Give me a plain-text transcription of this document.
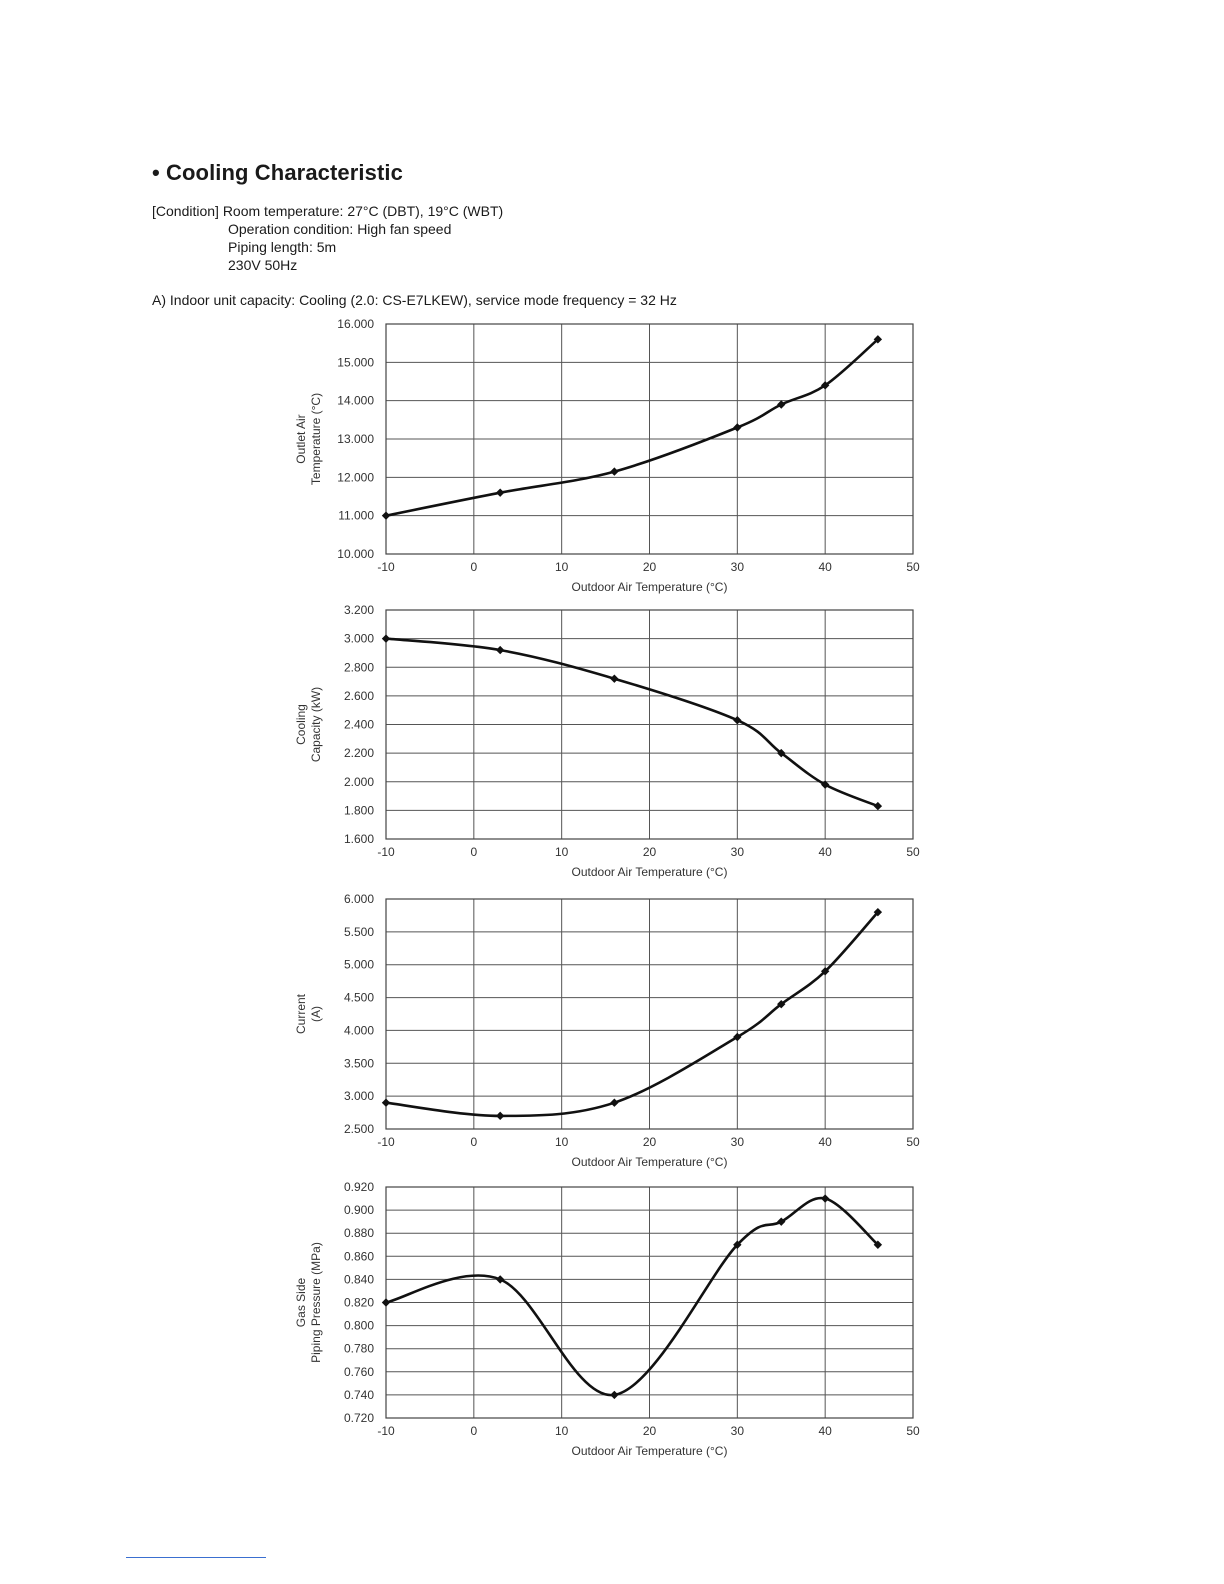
• Cooling Characteristic
[Condition] Room temperature: 27°C (DBT), 19°C (WBT)
Operation condition: High fan speed
Piping length: 5m
230V 50Hz
A) Indoor unit capacity: Cooling (2.0: CS-E7LKEW), service mode frequency = 32 Hz
10.000
11.000
12.000
13.000
14.000
15.000
16.000
-10	0	10	20	30	40	50
Outdoor Air Temperature (°C)
Outlet Air Temperature (°C)
1.600
1.800
2.000
2.200
2.400
2.600
2.800
3.000
3.200
-10	0	10	20	30	40	50
Outdoor Air Temperature (°C)
Cooling Capacity (kW)
2.500
3.000
3.500
4.000
4.500
5.000
5.500
6.000
-10	0	10	20	30	40	50
Outdoor Air Temperature (°C)
Current (A)
0.720
0.740
0.760
0.780
0.800
0.820
0.840
0.860
0.880
0.900
0.920
-10	0	10	20	30	40	50
Outdoor Air Temperature (°C)
Gas Side Piping Pressure (MPa)
